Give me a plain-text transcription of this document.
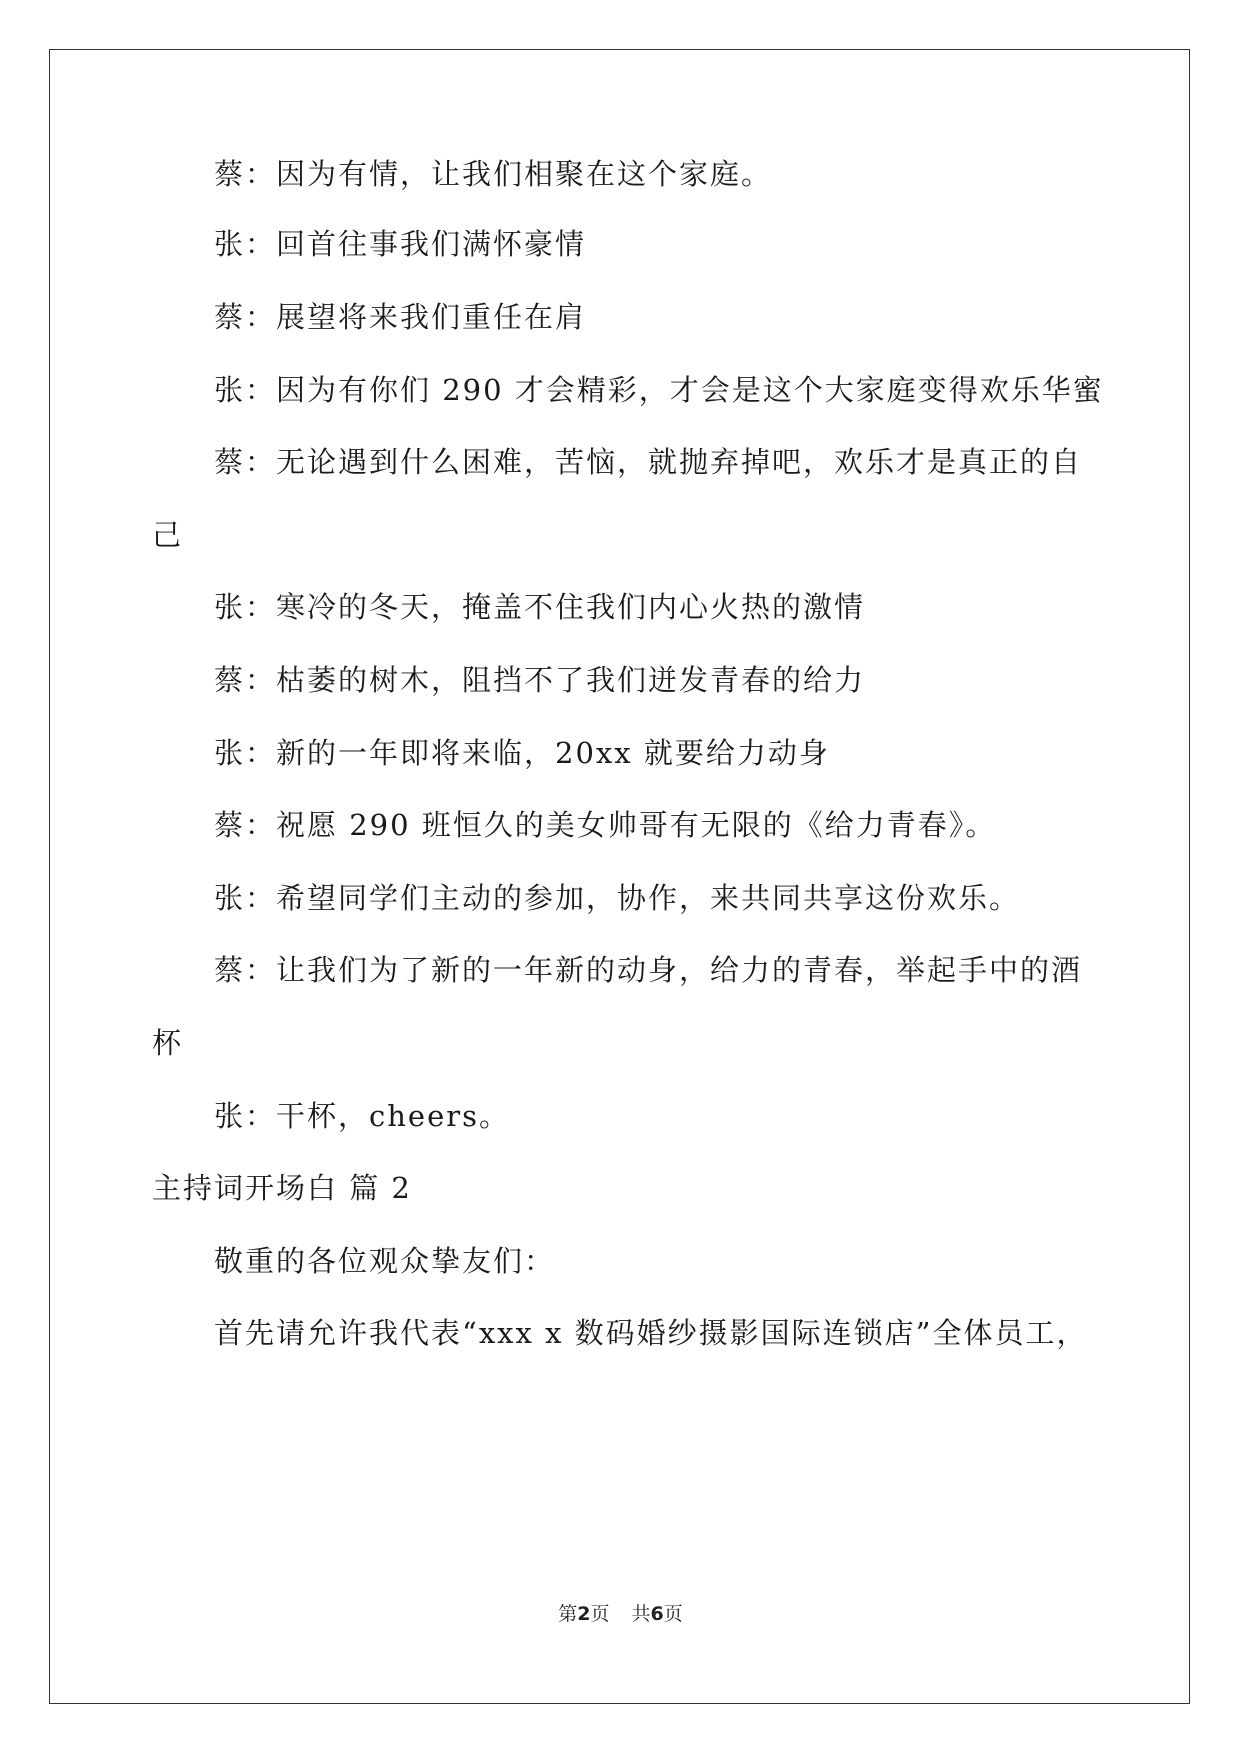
蔡：因为有情，让我们相聚在这个家庭。
张：回首往事我们满怀豪情
蔡：展望将来我们重任在肩
张：因为有你们 290 才会精彩，才会是这个大家庭变得欢乐华蜜
蔡：无论遇到什么困难，苦恼，就抛弃掉吧，欢乐才是真正的自
己
张：寒冷的冬天，掩盖不住我们内心火热的激情
蔡：枯萎的树木，阻挡不了我们迸发青春的给力
张：新的一年即将来临，20xx 就要给力动身
蔡：祝愿 290 班恒久的美女帅哥有无限的《给力青春》。
张：希望同学们主动的参加，协作，来共同共享这份欢乐。
蔡：让我们为了新的一年新的动身，给力的青春，举起手中的酒
杯
张：干杯，cheers。
主持词开场白 篇 2
敬重的各位观众挚友们：
首先请允许我代表“xxx x 数码婚纱摄影国际连锁店”全体员工，
第2页 共6页
